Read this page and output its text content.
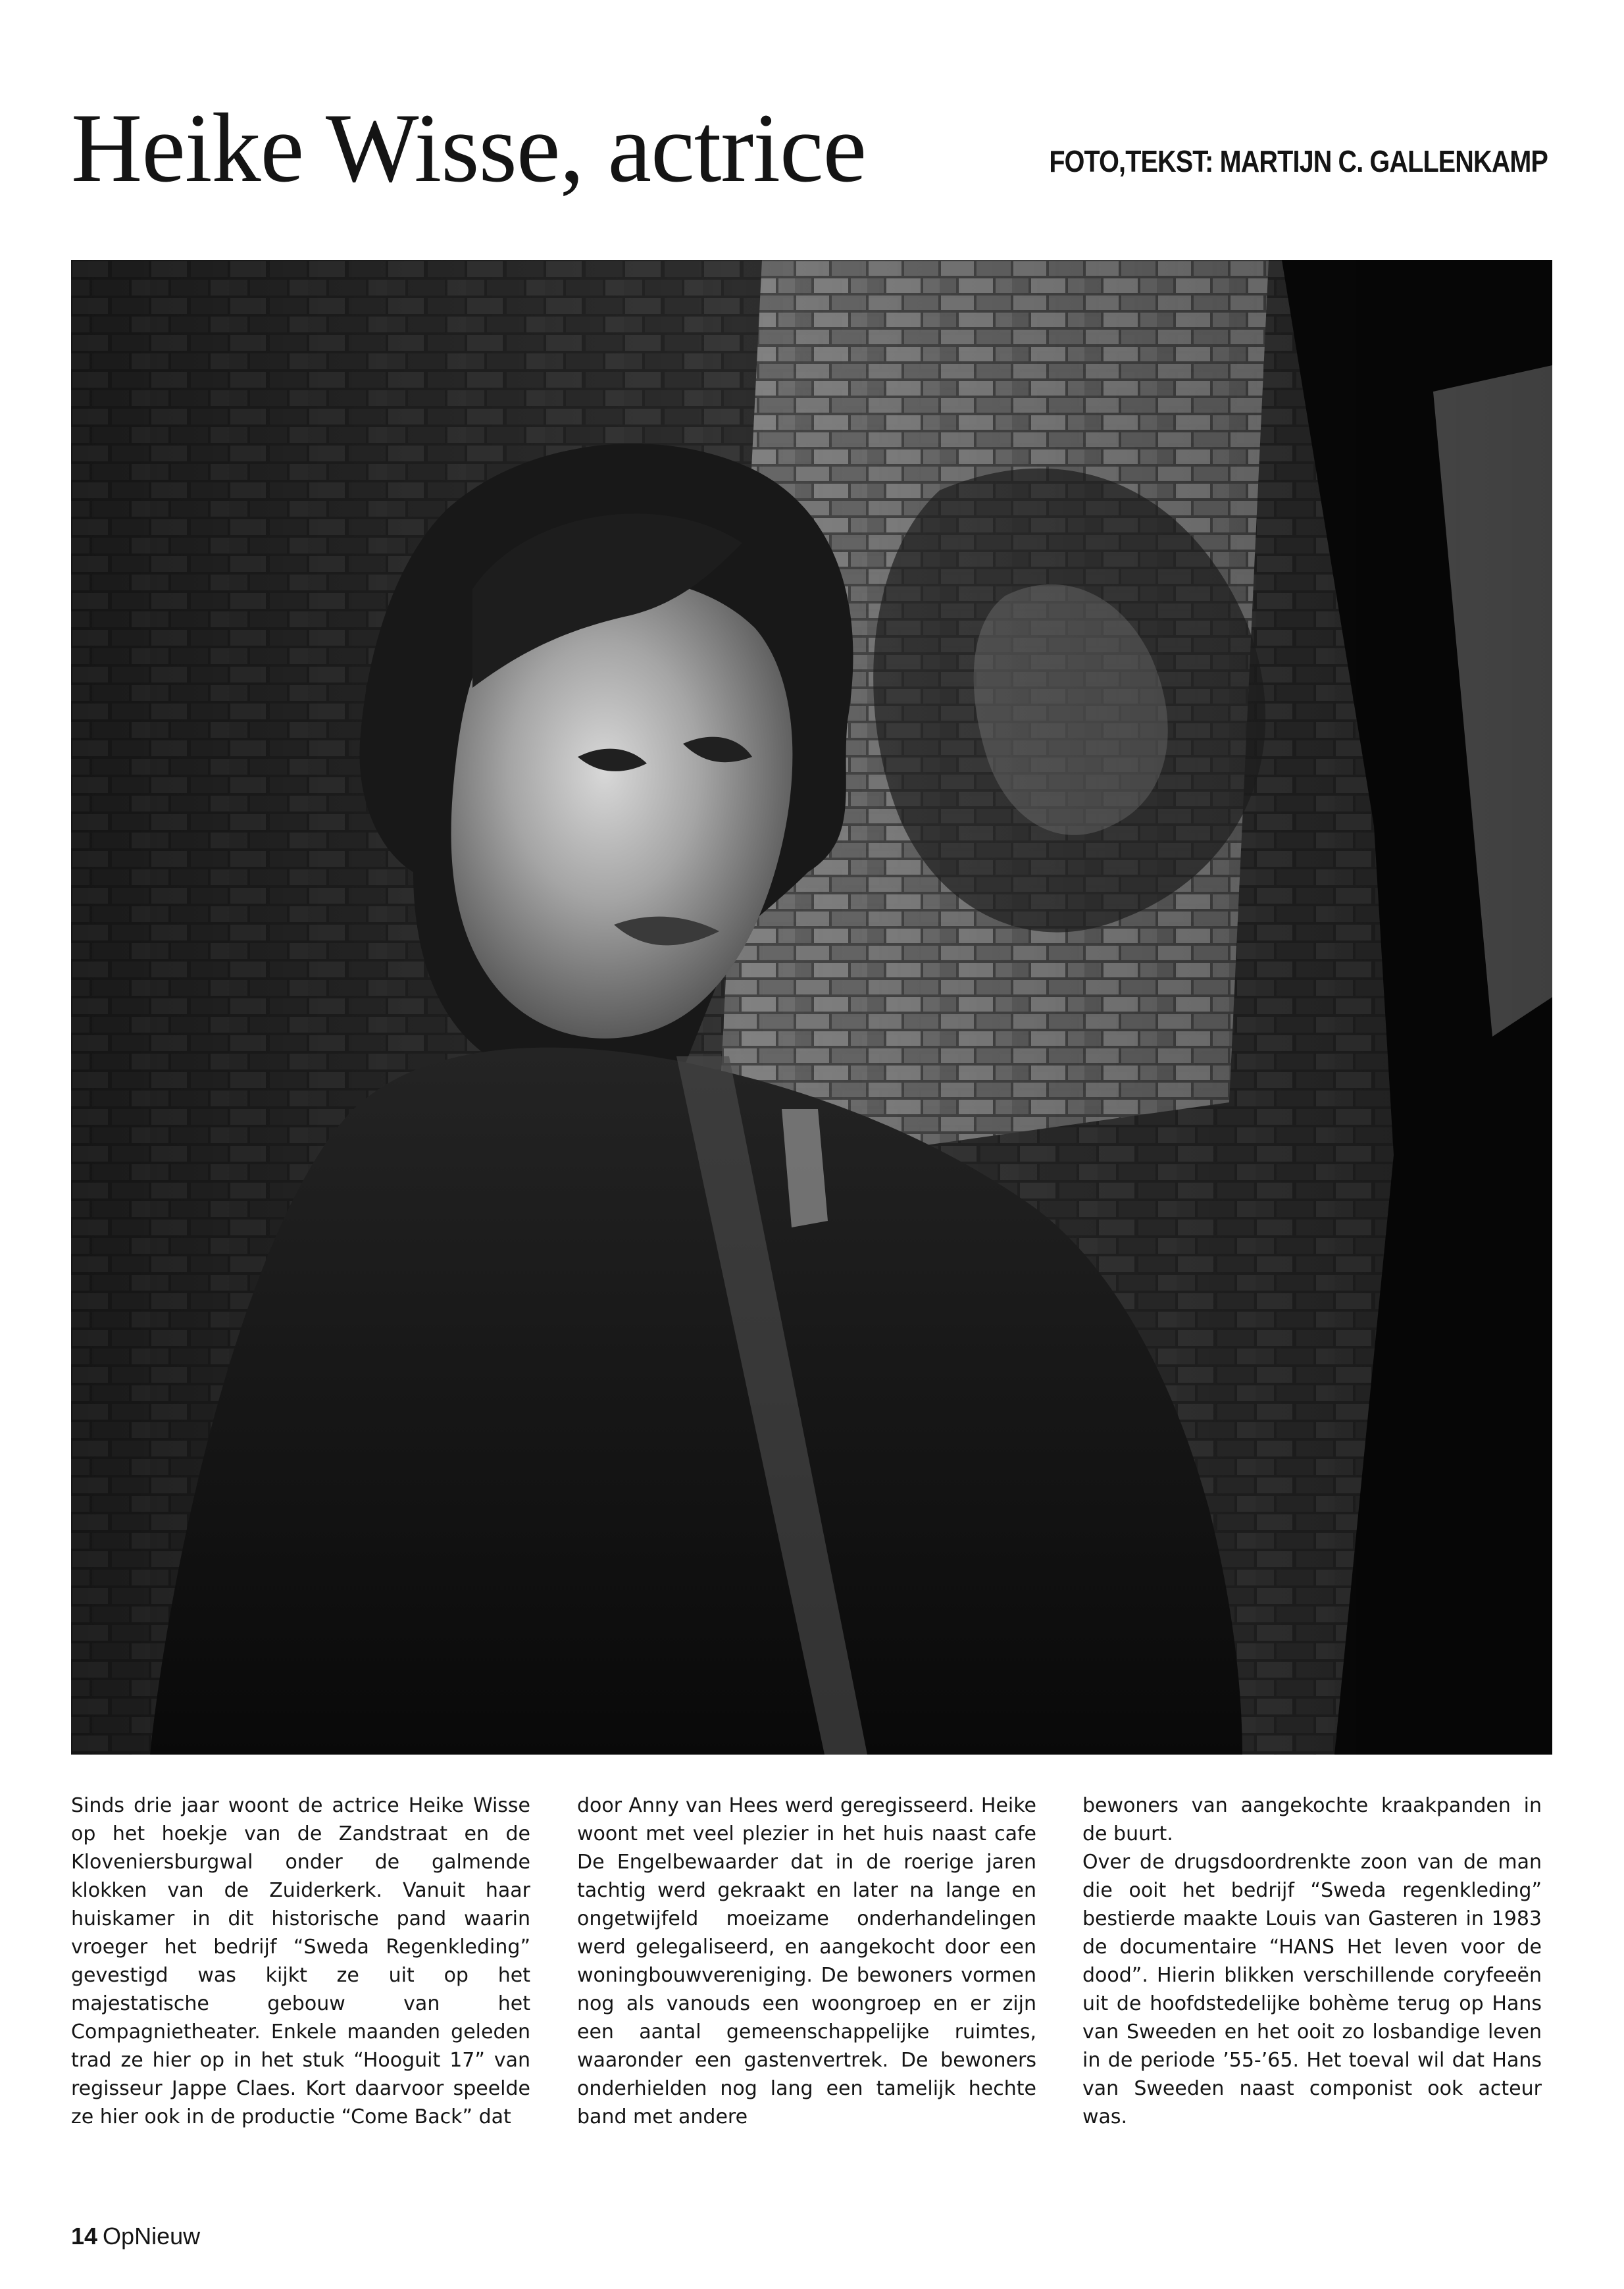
Heike Wisse, actrice	FOTO,TEKST: MARTIJN C. GALLENKAMP

Sinds drie jaar woont de actrice Heike Wisse op het hoekje van de Zandstraat en de Kloveniersburgwal onder de galmende klokken van de Zuiderkerk. Vanuit haar huiskamer in dit historische pand waarin vroeger het bedrijf “Sweda Regenkleding” gevestigd was kijkt ze uit op het majestatische gebouw van het Compagnietheater. Enkele maanden geleden trad ze hier op in het stuk “Hooguit 17” van regisseur Jappe Claes. Kort daarvoor speelde ze hier ook in de productie “Come Back” dat

door Anny van Hees werd geregisseerd. Heike woont met veel plezier in het huis naast cafe De Engelbewaarder dat in de roerige jaren tachtig werd gekraakt en later na lange en ongetwijfeld moeizame onderhandelingen werd gelegaliseerd, en aangekocht door een woningbouwvereniging. De bewoners vormen nog als vanouds een woongroep en er zijn een aantal gemeenschappelijke ruimtes, waaronder een gastenvertrek. De bewoners onderhielden nog lang een tamelijk hechte band met andere

bewoners van aangekochte kraakpanden in de buurt.

Over de drugsdoordrenkte zoon van de man die ooit het bedrijf “Sweda regenkleding” bestierde maakte Louis van Gasteren in 1983 de documentaire “HANS Het leven voor de dood”. Hierin blikken verschillende coryfeeën uit de hoofdstedelijke bohème terug op Hans van Sweeden en het ooit zo losbandige leven in de periode ’55-’65. Het toeval wil dat Hans van Sweeden naast componist ook acteur was.

14 OpNieuw
